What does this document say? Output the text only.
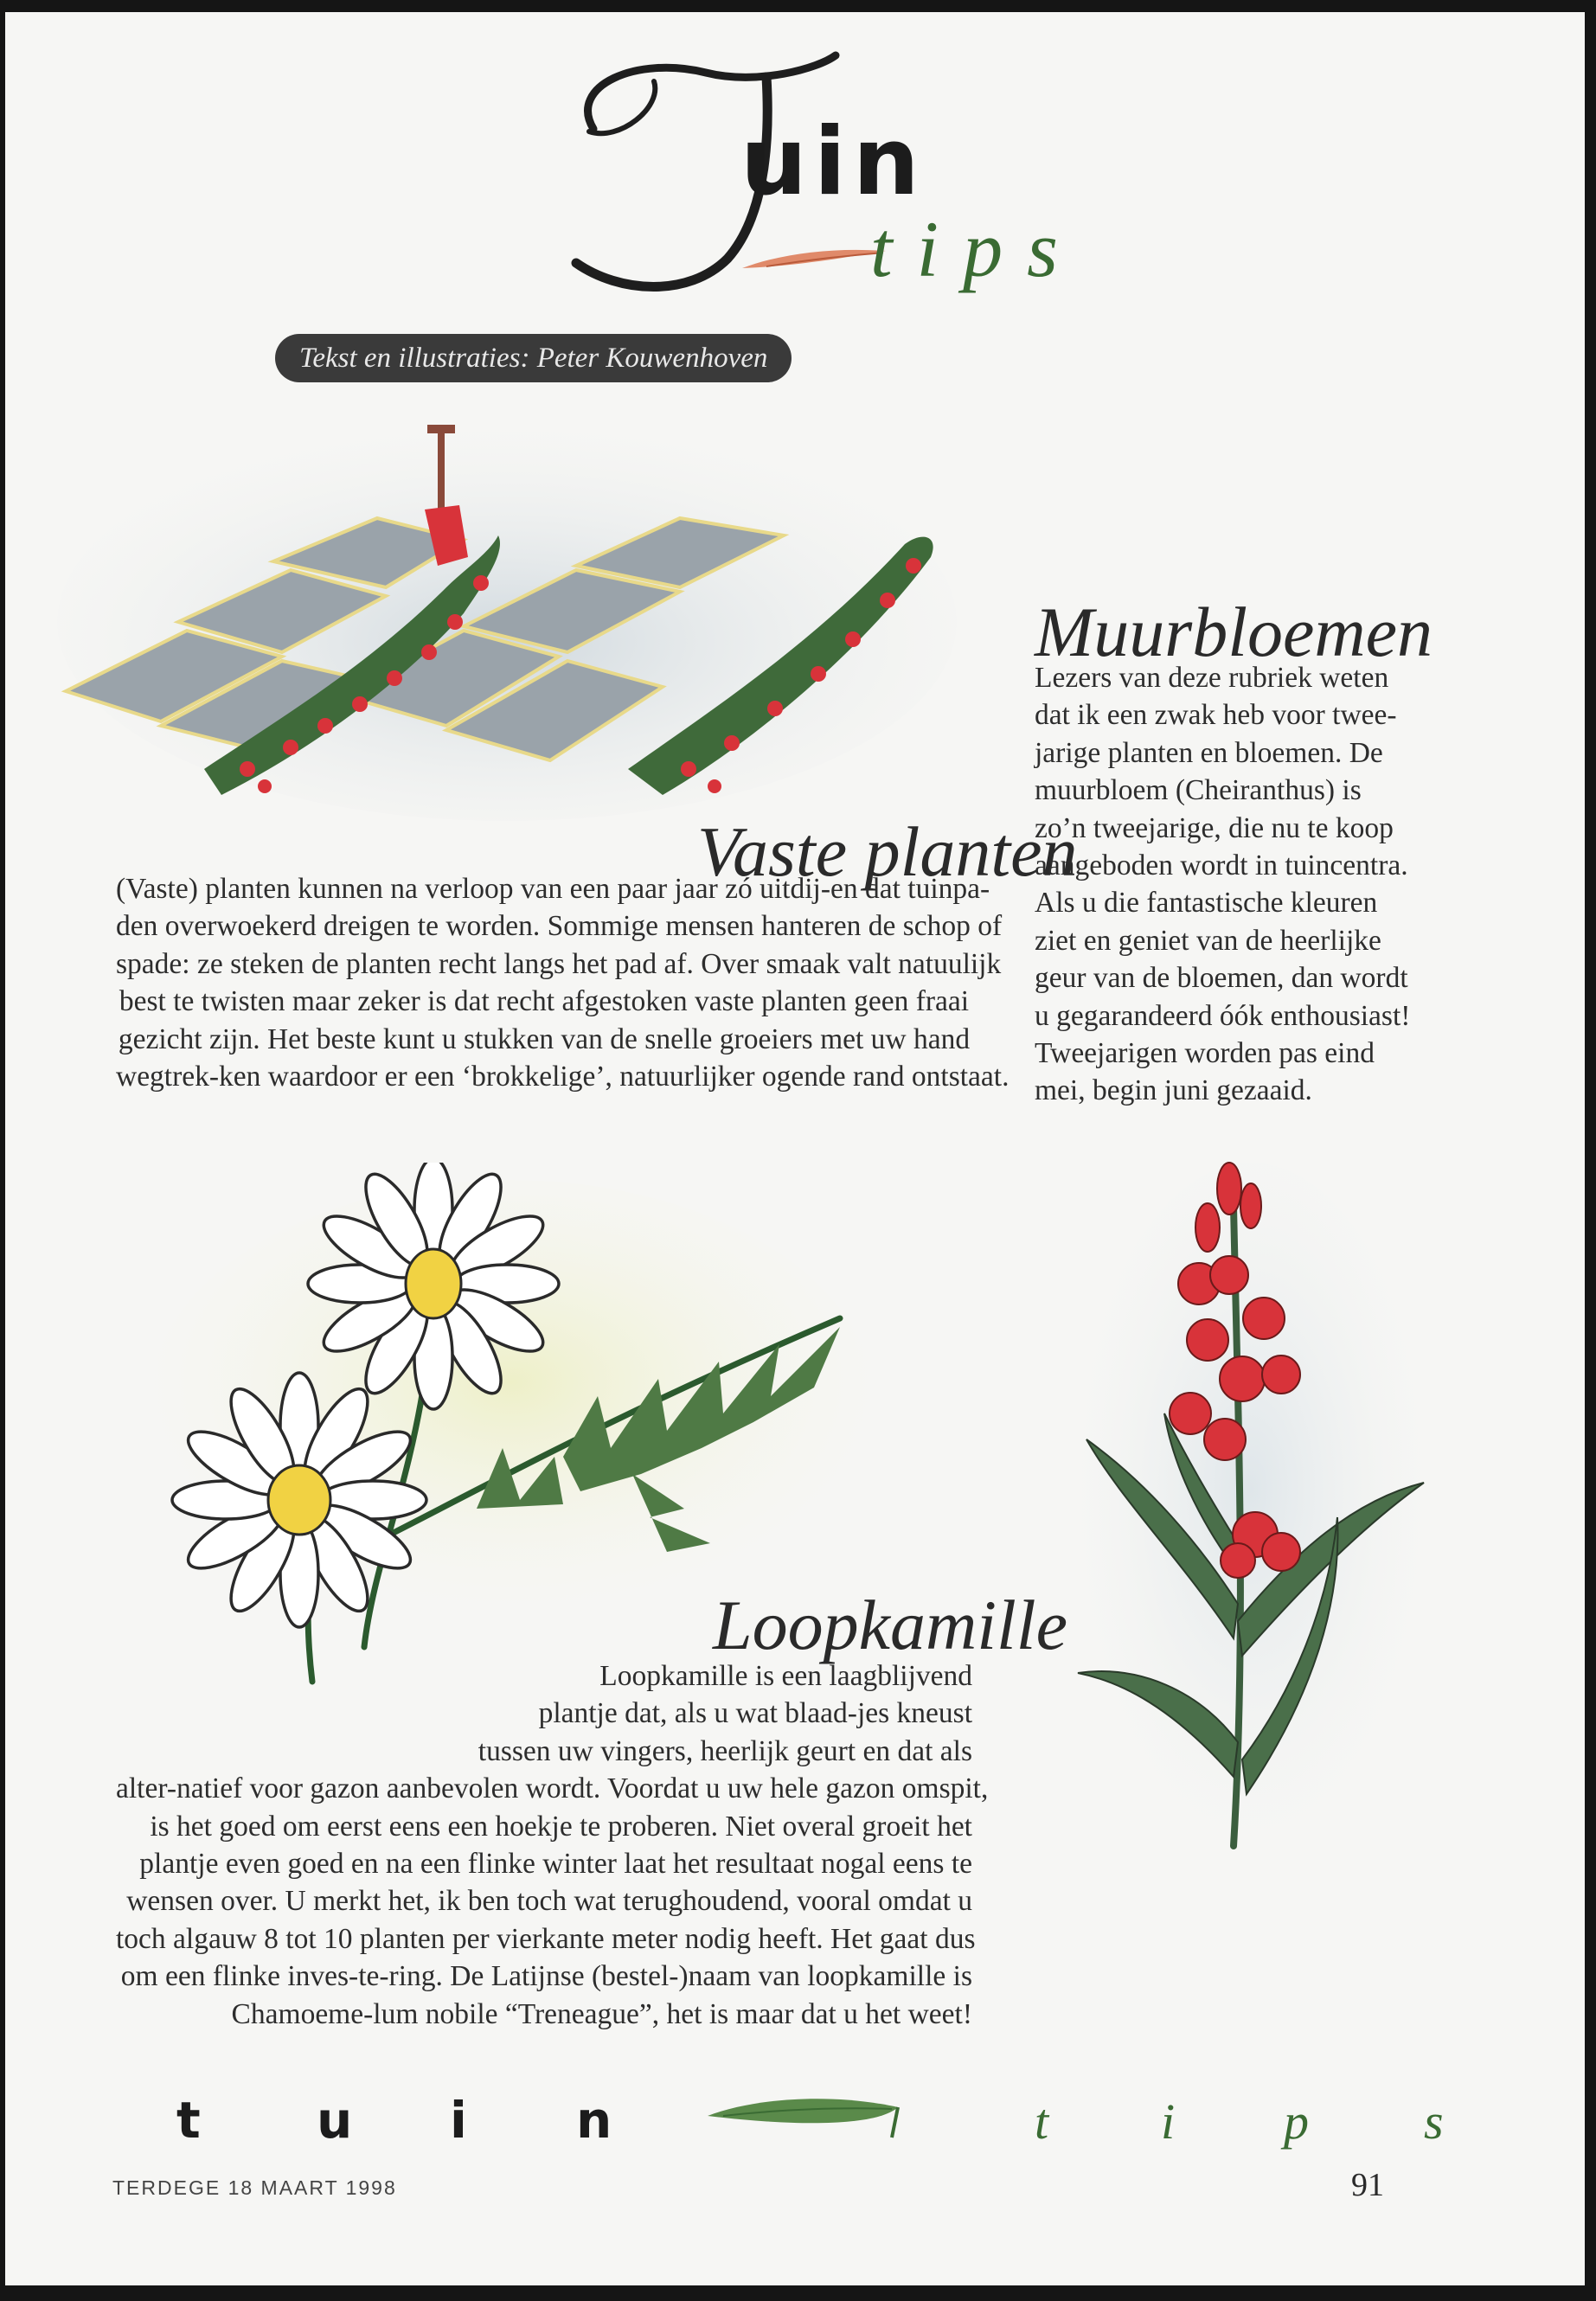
uin
tips
Tekst en illustraties: Peter Kouwenhoven
Vaste planten
Muurbloemen
(Vaste) planten kunnen na verloop van een paar jaar zó uitdij-en dat tuinpa-
den overwoekerd dreigen te worden. Sommige mensen hanteren de schop of
spade: ze steken de planten recht langs het pad af. Over smaak valt natuulijk
best te twisten maar zeker is dat recht afgestoken vaste planten geen fraai
gezicht zijn. Het beste kunt u stukken van de snelle groeiers met uw hand
wegtrek-ken waardoor er een ‘brokkelige’, natuurlijker ogende rand ontstaat.
Lezers van deze rubriek weten
dat ik een zwak heb voor twee-
jarige planten en bloemen. De
muurbloem (Cheiranthus) is
zo’n tweejarige, die nu te koop
aangeboden wordt in tuincentra.
Als u die fantastische kleuren
ziet en geniet van de heerlijke
geur van de bloemen, dan wordt
u gegarandeerd óók enthousiast!
Tweejarigen worden pas eind
mei, begin juni gezaaid.
Loopkamille
Loopkamille is een laagblijvend
plantje dat, als u wat blaad-jes kneust
tussen uw vingers, heerlijk geurt en dat als
alter-natief voor gazon aanbevolen wordt. Voordat u uw hele gazon omspit,
is het goed om eerst eens een hoekje te proberen. Niet overal groeit het
plantje even goed en na een flinke winter laat het resultaat nogal eens te
wensen over. U merkt het, ik ben toch wat terughoudend, vooral omdat u
toch algauw 8 tot 10 planten per vierkante meter nodig heeft. Het gaat dus
om een flinke inves-te-ring. De Latijnse (bestel-)naam van loopkamille is
Chamoeme-lum nobile “Treneague”, het is maar dat u het weet!
t u i n	t i p s
TERDEGE 18 MAART 1998	91
